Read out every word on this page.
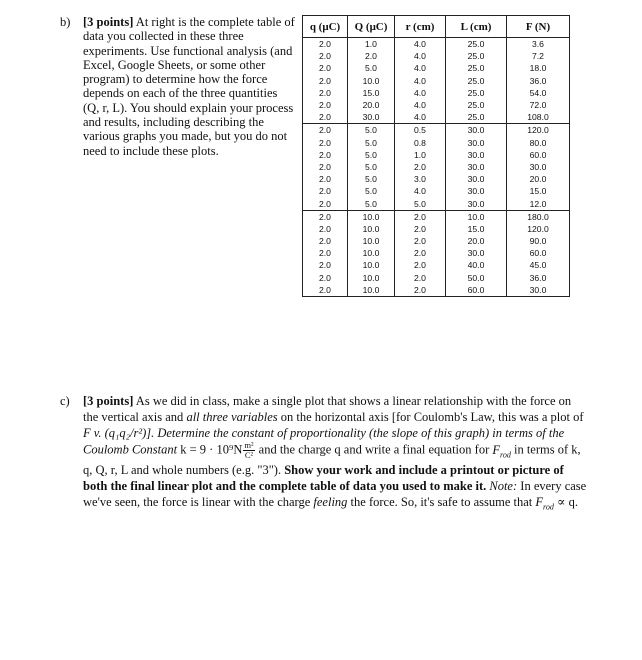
b) [3 points] At right is the complete table of data you collected in these three experiments. Use functional analysis (and Excel, Google Sheets, or some other program) to determine how the force depends on each of the three quantities (Q, r, L). You should explain your process and results, including describing the various graphs you made, but you do not need to include these plots.
q (μC)	Q (μC)	r (cm)	L (cm)	F (N)
2.0	1.0	4.0	25.0	3.6
2.0	2.0	4.0	25.0	7.2
2.0	5.0	4.0	25.0	18.0
2.0	10.0	4.0	25.0	36.0
2.0	15.0	4.0	25.0	54.0
2.0	20.0	4.0	25.0	72.0
2.0	30.0	4.0	25.0	108.0
2.0	5.0	0.5	30.0	120.0
2.0	5.0	0.8	30.0	80.0
2.0	5.0	1.0	30.0	60.0
2.0	5.0	2.0	30.0	30.0
2.0	5.0	3.0	30.0	20.0
2.0	5.0	4.0	30.0	15.0
2.0	5.0	5.0	30.0	12.0
2.0	10.0	2.0	10.0	180.0
2.0	10.0	2.0	15.0	120.0
2.0	10.0	2.0	20.0	90.0
2.0	10.0	2.0	30.0	60.0
2.0	10.0	2.0	40.0	45.0
2.0	10.0	2.0	50.0	36.0
2.0	10.0	2.0	60.0	30.0
c) [3 points] As we did in class, make a single plot that shows a linear relationship with the force on the vertical axis and all three variables on the horizontal axis [for Coulomb's Law, this was a plot of F v. (q₁q₂/r²)]. Determine the constant of proportionality (the slope of this graph) in terms of the Coulomb Constant $k = 9 \cdot 10^9N \frac{\text{m²}}{\text{C²}}$ and the charge q and write a final equation for $F_{rod}$ in terms of k, q, Q, r, L and whole numbers (e.g. "3"). Show your work and include a printout or picture of both the final linear plot and the complete table of data you used to make it. Note: In every case we've seen, the force is linear with the charge feeling the force. So, it's safe to assume that $F_{rod} \propto q$.
